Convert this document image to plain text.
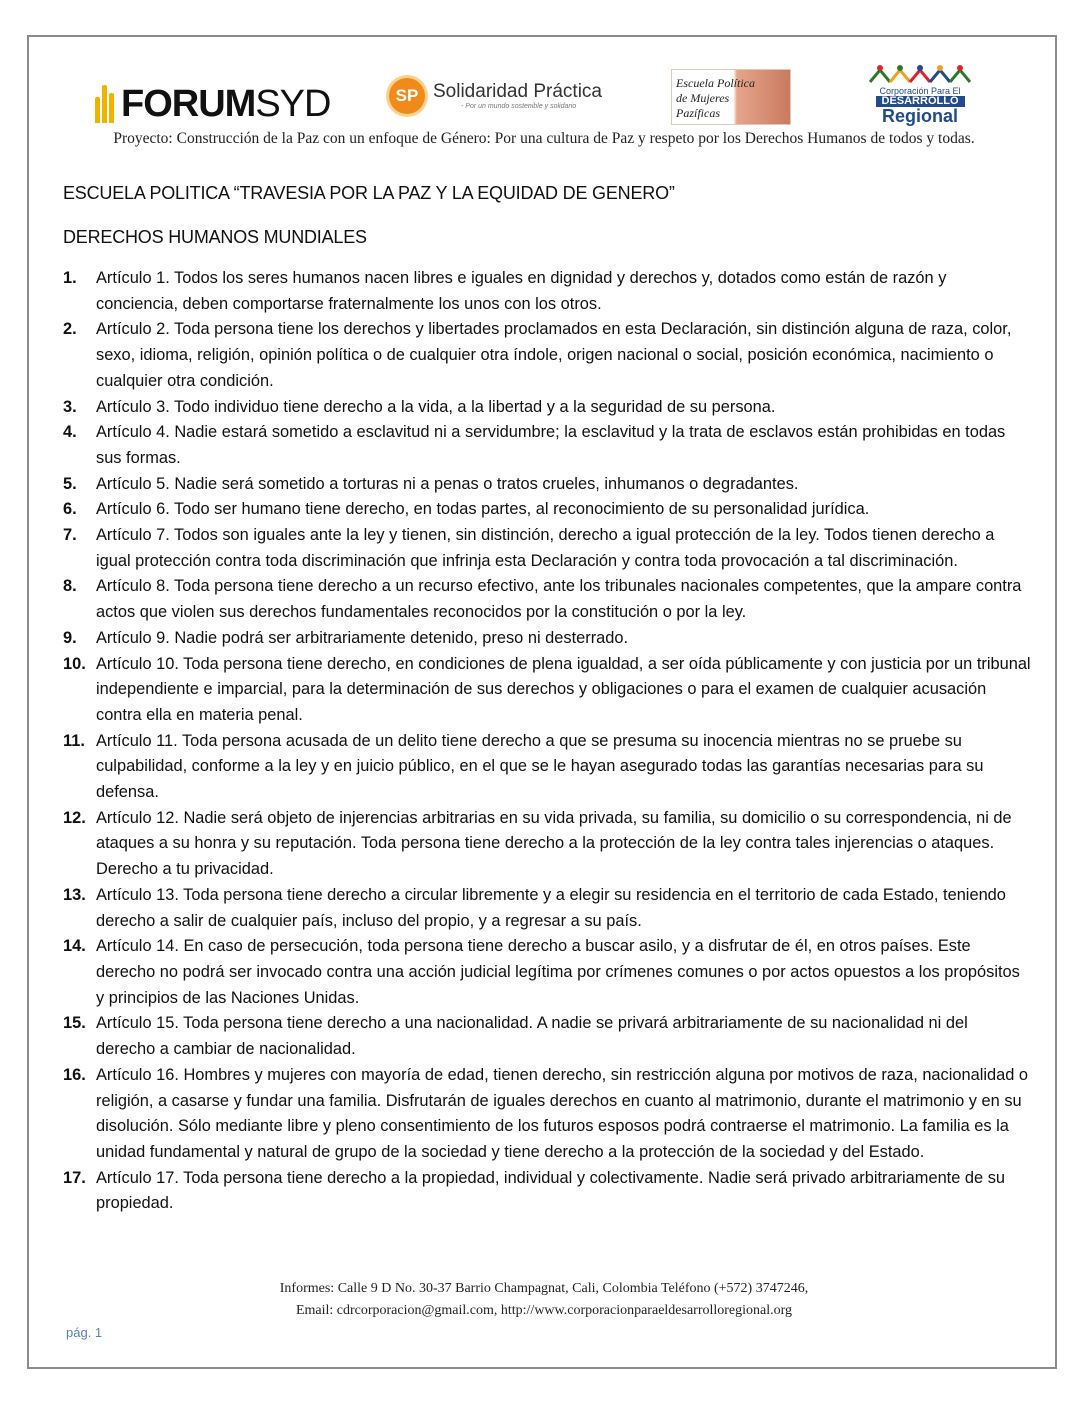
FORUMSYD	SP Solidaridad Práctica
- Por un mundo sostenible y solidario
Escuela Política
de Mujeres
Pazíficas
Corporación Para El
DESARROLLO
Regional
Proyecto: Construcción de la Paz con un enfoque de Género: Por una cultura de Paz y respeto por los Derechos Humanos de todos y todas.
ESCUELA POLITICA “TRAVESIA POR LA PAZ Y LA EQUIDAD DE GENERO”
DERECHOS HUMANOS MUNDIALES
1.	Artículo 1. Todos los seres humanos nacen libres e iguales en dignidad y derechos y, dotados como están de razón y conciencia, deben comportarse fraternalmente los unos con los otros.
2.	Artículo 2. Toda persona tiene los derechos y libertades proclamados en esta Declaración, sin distinción alguna de raza, color, sexo, idioma, religión, opinión política o de cualquier otra índole, origen nacional o social, posición económica, nacimiento o cualquier otra condición.
3.	Artículo 3. Todo individuo tiene derecho a la vida, a la libertad y a la seguridad de su persona.
4.	Artículo 4. Nadie estará sometido a esclavitud ni a servidumbre; la esclavitud y la trata de esclavos están prohibidas en todas sus formas.
5.	Artículo 5. Nadie será sometido a torturas ni a penas o tratos crueles, inhumanos o degradantes.
6.	Artículo 6. Todo ser humano tiene derecho, en todas partes, al reconocimiento de su personalidad jurídica.
7.	Artículo 7. Todos son iguales ante la ley y tienen, sin distinción, derecho a igual protección de la ley. Todos tienen derecho a igual protección contra toda discriminación que infrinja esta Declaración y contra toda provocación a tal discriminación.
8.	Artículo 8. Toda persona tiene derecho a un recurso efectivo, ante los tribunales nacionales competentes, que la ampare contra actos que violen sus derechos fundamentales reconocidos por la constitución o por la ley.
9.	Artículo 9. Nadie podrá ser arbitrariamente detenido, preso ni desterrado.
10. Artículo 10. Toda persona tiene derecho, en condiciones de plena igualdad, a ser oída públicamente y con justicia por un tribunal independiente e imparcial, para la determinación de sus derechos y obligaciones o para el examen de cualquier acusación contra ella en materia penal.
11. Artículo 11. Toda persona acusada de un delito tiene derecho a que se presuma su inocencia mientras no se pruebe su culpabilidad, conforme a la ley y en juicio público, en el que se le hayan asegurado todas las garantías necesarias para su defensa.
12. Artículo 12. Nadie será objeto de injerencias arbitrarias en su vida privada, su familia, su domicilio o su correspondencia, ni de ataques a su honra y su reputación. Toda persona tiene derecho a la protección de la ley contra tales injerencias o ataques. Derecho a tu privacidad.
13. Artículo 13. Toda persona tiene derecho a circular libremente y a elegir su residencia en el territorio de cada Estado, teniendo derecho a salir de cualquier país, incluso del propio, y a regresar a su país.
14. Artículo 14. En caso de persecución, toda persona tiene derecho a buscar asilo, y a disfrutar de él, en otros países. Este derecho no podrá ser invocado contra una acción judicial legítima por crímenes comunes o por actos opuestos a los propósitos y principios de las Naciones Unidas.
15. Artículo 15. Toda persona tiene derecho a una nacionalidad. A nadie se privará arbitrariamente de su nacionalidad ni del derecho a cambiar de nacionalidad.
16. Artículo 16. Hombres y mujeres con mayoría de edad, tienen derecho, sin restricción alguna por motivos de raza, nacionalidad o religión, a casarse y fundar una familia. Disfrutarán de iguales derechos en cuanto al matrimonio, durante el matrimonio y en su disolución. Sólo mediante libre y pleno consentimiento de los futuros esposos podrá contraerse el matrimonio. La familia es la unidad fundamental y natural de grupo de la sociedad y tiene derecho a la protección de la sociedad y del Estado.
17. Artículo 17. Toda persona tiene derecho a la propiedad, individual y colectivamente. Nadie será privado arbitrariamente de su propiedad.
Informes: Calle 9 D No. 30-37 Barrio Champagnat, Cali, Colombia Teléfono (+572) 3747246,
Email: cdrcorporacion@gmail.com, http://www.corporacionparaeldesarrolloregional.org
pág. 1
